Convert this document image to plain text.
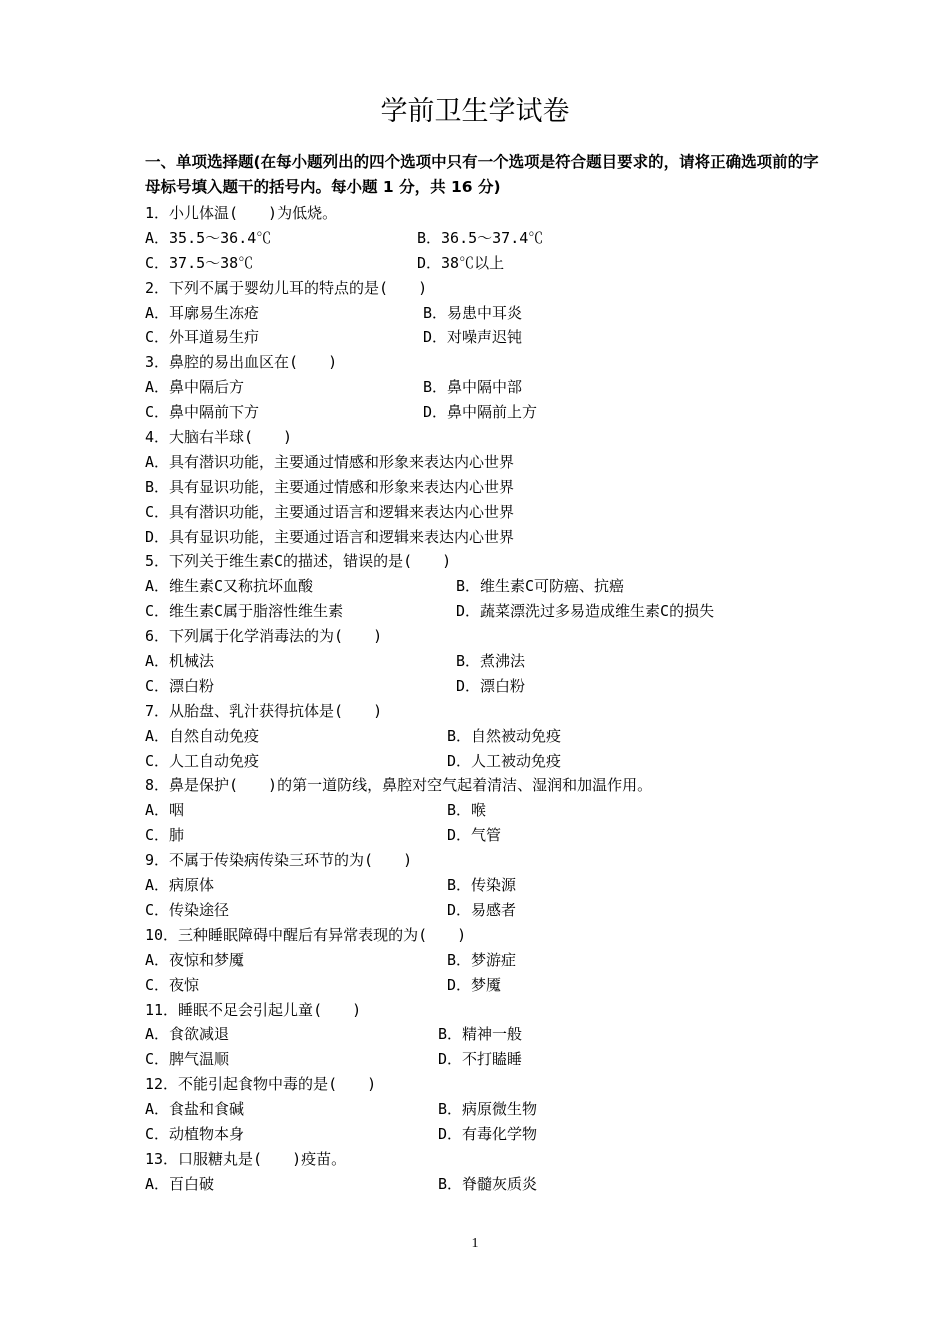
学前卫生学试卷
一、单项选择题(在每小题列出的四个选项中只有一个选项是符合题目要求的，请将正确选项前的字母标号填入题干的括号内。每小题 1 分，共 16 分)
1．小儿体温(　　)为低烧。
A．35.5～36.4℃	B．36.5～37.4℃
C．37.5～38℃	D．38℃以上
2．下列不属于婴幼儿耳的特点的是(　　)
A．耳廓易生冻疮	B．易患中耳炎
C．外耳道易生疖	D．对噪声迟钝
3．鼻腔的易出血区在(　　)
A．鼻中隔后方	B．鼻中隔中部
C．鼻中隔前下方	D．鼻中隔前上方
4．大脑右半球(　　)
A．具有潜识功能，主要通过情感和形象来表达内心世界
B．具有显识功能，主要通过情感和形象来表达内心世界
C．具有潜识功能，主要通过语言和逻辑来表达内心世界
D．具有显识功能，主要通过语言和逻辑来表达内心世界
5．下列关于维生素C的描述，错误的是(　　)
A．维生素C又称抗坏血酸	B．维生素C可防癌、抗癌
C．维生素C属于脂溶性维生素	D．蔬菜漂洗过多易造成维生素C的损失
6．下列属于化学消毒法的为(　　)
A．机械法	B．煮沸法
C．漂白粉	D．漂白粉
7．从胎盘、乳汁获得抗体是(　　)
A．自然自动免疫	B．自然被动免疫
C．人工自动免疫	D．人工被动免疫
8．鼻是保护(　　)的第一道防线，鼻腔对空气起着清洁、湿润和加温作用。
A．咽	B．喉
C．肺	D．气管
9．不属于传染病传染三环节的为(　　)
A．病原体	B．传染源
C．传染途径	D．易感者
10．三种睡眠障碍中醒后有异常表现的为(　　)
A．夜惊和梦魇	B．梦游症
C．夜惊	D．梦魇
11．睡眠不足会引起儿童(　　)
A．食欲减退	B．精神一般
C．脾气温顺	D．不打瞌睡
12．不能引起食物中毒的是(　　)
A．食盐和食碱	B．病原微生物
C．动植物本身	D．有毒化学物
13．口服糖丸是(　　)疫苗。
A．百白破	B．脊髓灰质炎
1
